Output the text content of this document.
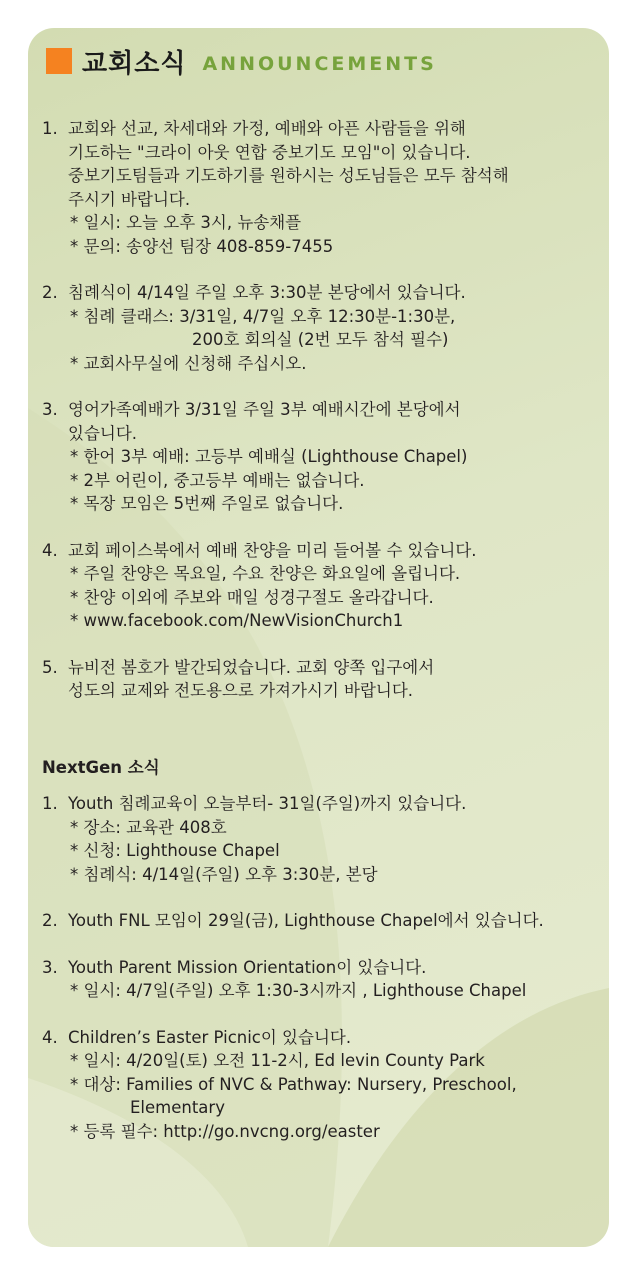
교회소식 ANNOUNCEMENTS
1. 교회와 선교, 차세대와 가정, 예배와 아픈 사람들을 위해
기도하는 "크라이 아웃 연합 중보기도 모임"이 있습니다.
중보기도팀들과 기도하기를 원하시는 성도님들은 모두 참석해
주시기 바랍니다.
* 일시: 오늘 오후 3시, 뉴송채플
* 문의: 송양선 팀장 408-859-7455
2. 침례식이 4/14일 주일 오후 3:30분 본당에서 있습니다.
* 침례 클래스: 3/31일, 4/7일 오후 12:30분-1:30분,
200호 회의실 (2번 모두 참석 필수)
* 교회사무실에 신청해 주십시오.
3. 영어가족예배가 3/31일 주일 3부 예배시간에 본당에서
있습니다.
* 한어 3부 예배: 고등부 예배실 (Lighthouse Chapel)
* 2부 어린이, 중고등부 예배는 없습니다.
* 목장 모임은 5번째 주일로 없습니다.
4. 교회 페이스북에서 예배 찬양을 미리 들어볼 수 있습니다.
* 주일 찬양은 목요일, 수요 찬양은 화요일에 올립니다.
* 찬양 이외에 주보와 매일 성경구절도 올라갑니다.
* www.facebook.com/NewVisionChurch1
5. 뉴비전 봄호가 발간되었습니다. 교회 양쪽 입구에서
성도의 교제와 전도용으로 가져가시기 바랍니다.
NextGen 소식
1. Youth 침례교육이 오늘부터- 31일(주일)까지 있습니다.
* 장소: 교육관 408호
* 신청: Lighthouse Chapel
* 침례식: 4/14일(주일) 오후 3:30분, 본당
2. Youth FNL 모임이 29일(금), Lighthouse Chapel에서 있습니다.
3. Youth Parent Mission Orientation이 있습니다.
* 일시: 4/7일(주일) 오후 1:30-3시까지 , Lighthouse Chapel
4. Children’s Easter Picnic이 있습니다.
* 일시: 4/20일(토) 오전 11-2시, Ed levin County Park
* 대상: Families of NVC & Pathway: Nursery, Preschool,
Elementary
* 등록 필수: http://go.nvcng.org/easter
